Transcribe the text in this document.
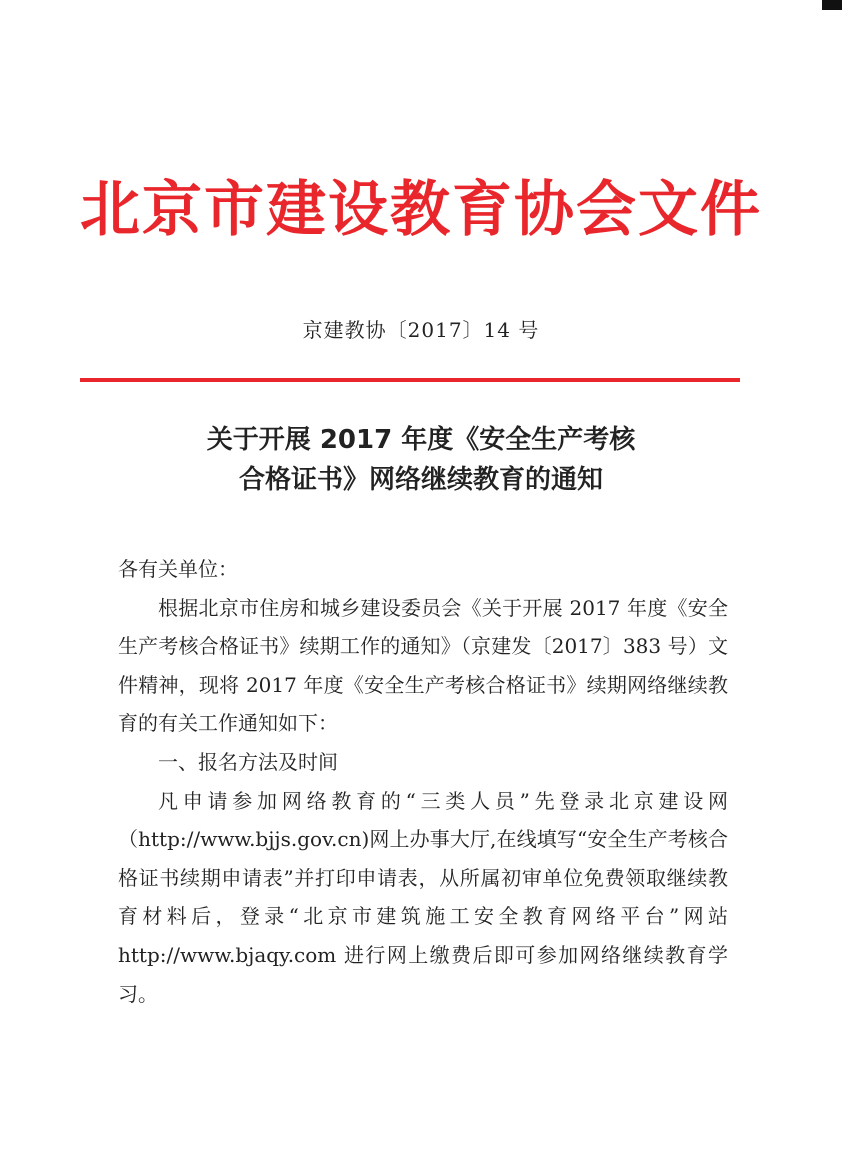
北京市建设教育协会文件
京建教协〔2017〕14 号
关于开展 2017 年度《安全生产考核
合格证书》网络继续教育的通知

各有关单位：

根据北京市住房和城乡建设委员会《关于开展 2017 年度《安全生产考核合格证书》续期工作的通知》（京建发〔2017〕383 号）文件精神，现将 2017 年度《安全生产考核合格证书》续期网络继续教育的有关工作通知如下：

一、报名方法及时间

凡申请参加网络教育的“三类人员”先登录北京建设网（http://www.bjjs.gov.cn)网上办事大厅,在线填写“安全生产考核合格证书续期申请表”并打印申请表，从所属初审单位免费领取继续教育材料后，登录“北京市建筑施工安全教育网络平台”网站 http://www.bjaqy.com 进行网上缴费后即可参加网络继续教育学习。
